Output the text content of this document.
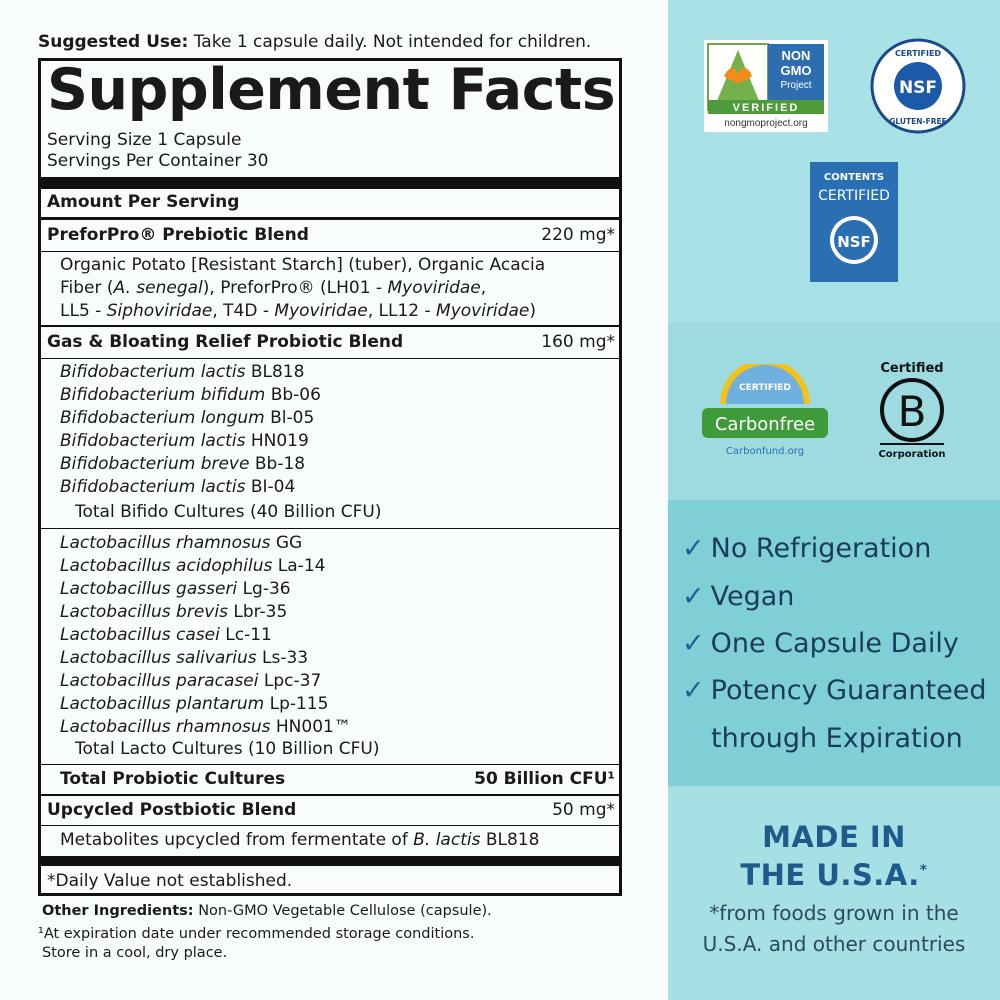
Suggested Use: Take 1 capsule daily. Not intended for children.
Supplement Facts
Serving Size 1 Capsule
Servings Per Container 30
Amount Per Serving
PreforPro® Prebiotic Blend	220 mg*
Organic Potato [Resistant Starch] (tuber), Organic Acacia
Fiber (A. senegal), PreforPro® (LH01 - Myoviridae,
LL5 - Siphoviridae, T4D - Myoviridae, LL12 - Myoviridae)
Gas & Bloating Relief Probiotic Blend	160 mg*
Bifidobacterium lactis BL818
Bifidobacterium bifidum Bb-06
Bifidobacterium longum Bl-05
Bifidobacterium lactis HN019
Bifidobacterium breve Bb-18
Bifidobacterium lactis BI-04
Total Bifido Cultures (40 Billion CFU)
Lactobacillus rhamnosus GG
Lactobacillus acidophilus La-14
Lactobacillus gasseri Lg-36
Lactobacillus brevis Lbr-35
Lactobacillus casei Lc-11
Lactobacillus salivarius Ls-33
Lactobacillus paracasei Lpc-37
Lactobacillus plantarum Lp-115
Lactobacillus rhamnosus HN001™
Total Lacto Cultures (10 Billion CFU)
Total Probiotic Cultures	50 Billion CFU¹
Upcycled Postbiotic Blend	50 mg*
Metabolites upcycled from fermentate of B. lactis BL818
*Daily Value not established.
Other Ingredients: Non-GMO Vegetable Cellulose (capsule).
¹At expiration date under recommended storage conditions.
Store in a cool, dry place.
NON
GMO
Project
VERIFIED
nongmoproject.org
NSF
CERTIFIED
GLUTEN-FREE
CONTENTS
CERTIFIED
NSF
CERTIFIED
Carbonfree
Carbonfund.org
Certified
B
Corporation
✓ No Refrigeration
✓ Vegan
✓ One Capsule Daily
✓ Potency Guaranteed
through Expiration
MADE IN
THE U.S.A.*
*from foods grown in the
U.S.A. and other countries
